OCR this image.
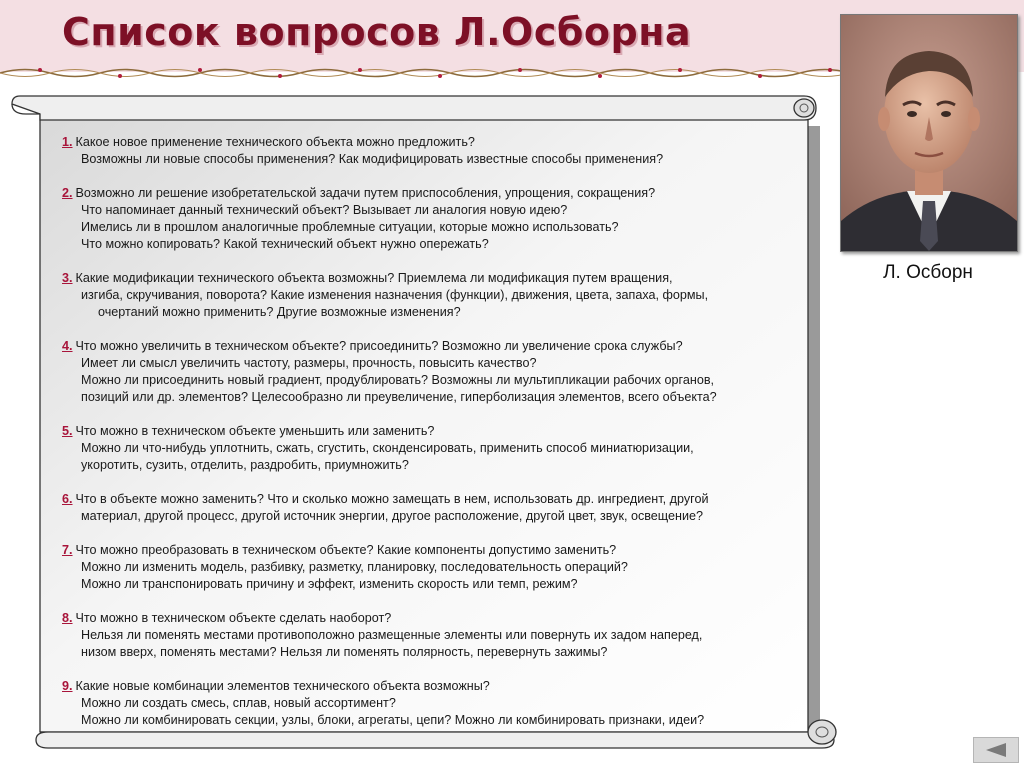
Список вопросов Л.Осборна
Л. Осборн
1. Какое новое применение технического объекта можно предложить?
Возможны ли новые способы применения? Как модифицировать известные способы применения?
2. Возможно ли решение изобретательской задачи путем приспособления, упрощения, сокращения?
Что напоминает данный технический объект? Вызывает ли аналогия новую идею?
Имелись ли в прошлом аналогичные проблемные ситуации, которые можно использовать?
Что можно копировать? Какой технический объект нужно опережать?
3. Какие модификации технического объекта возможны? Приемлема ли модификация путем вращения,
изгиба, скручивания, поворота? Какие изменения назначения (функции), движения, цвета, запаха, формы,
очертаний можно применить? Другие возможные изменения?
4. Что можно увеличить в техническом объекте? присоединить? Возможно ли увеличение срока службы?
Имеет ли смысл увеличить частоту, размеры, прочность, повысить качество?
Можно ли присоединить новый градиент, продублировать? Возможны ли мультипликации рабочих органов,
позиций или др. элементов? Целесообразно ли преувеличение, гиперболизация элементов, всего объекта?
5. Что можно в техническом объекте уменьшить или заменить?
Можно ли что-нибудь уплотнить, сжать, сгустить, сконденсировать, применить способ миниатюризации,
укоротить, сузить, отделить, раздробить, приумножить?
6. Что в объекте можно заменить? Что и сколько можно замещать в нем, использовать др. ингредиент, другой
материал, другой процесс, другой источник энергии, другое расположение, другой цвет, звук, освещение?
7. Что можно преобразовать в техническом объекте? Какие компоненты допустимо заменить?
Можно ли изменить модель, разбивку, разметку, планировку, последовательность операций?
Можно ли транспонировать причину и эффект, изменить скорость или темп, режим?
8. Что можно в техническом объекте сделать наоборот?
Нельзя ли поменять местами противоположно размещенные элементы или повернуть их задом наперед,
низом вверх, поменять местами? Нельзя ли поменять полярность, перевернуть зажимы?
9. Какие новые комбинации элементов технического объекта возможны?
Можно ли создать смесь, сплав, новый ассортимент?
Можно ли комбинировать секции, узлы, блоки, агрегаты, цепи? Можно ли комбинировать признаки, идеи?
